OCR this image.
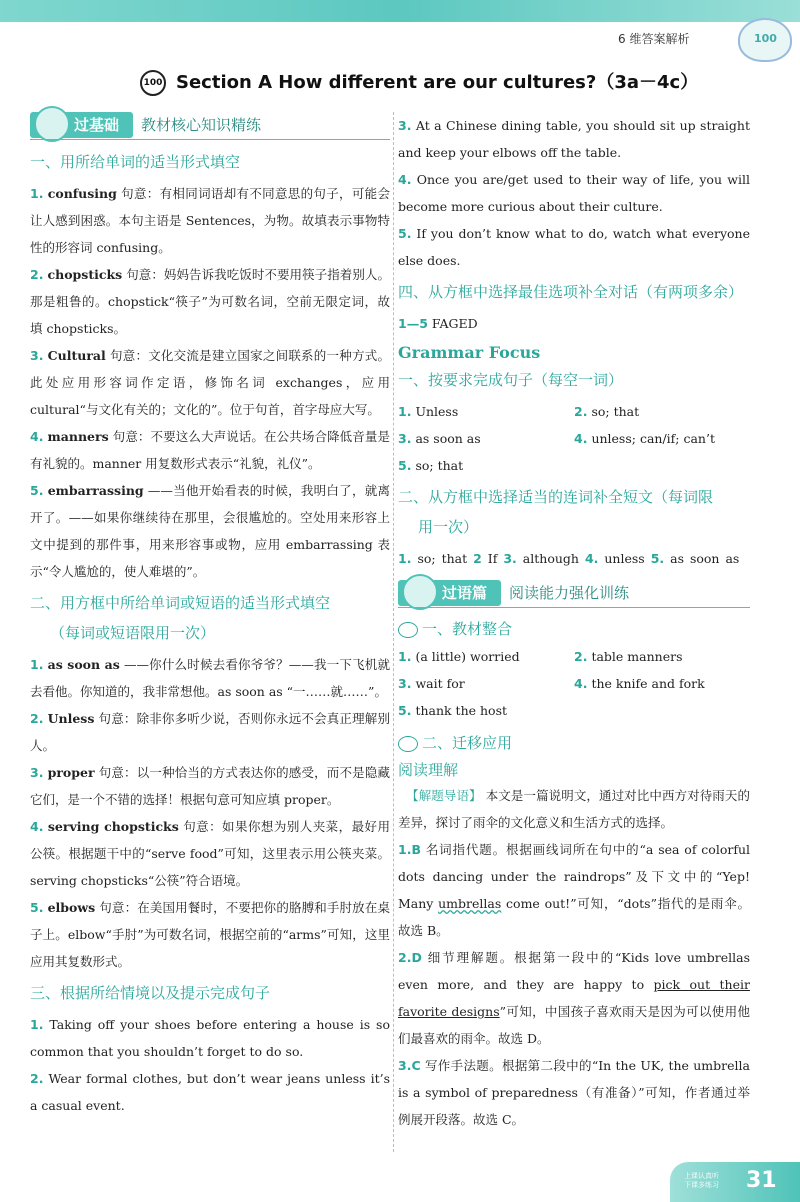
6 维答案解析	100
100 Section A How different are our cultures?（3a－4c）
过基础 教材核心知识精练
一、用所给单词的适当形式填空

1. confusing 句意：有相同词语却有不同意思的句子，可能会让人感到困惑。本句主语是 Sentences，为物。故填表示事物特性的形容词 confusing。

2. chopsticks 句意：妈妈告诉我吃饭时不要用筷子指着别人。那是粗鲁的。chopstick“筷子”为可数名词，空前无限定词，故填 chopsticks。

3. Cultural 句意：文化交流是建立国家之间联系的一种方式。此处应用形容词作定语，修饰名词 exchanges，应用 cultural“与文化有关的；文化的”。位于句首，首字母应大写。

4. manners 句意：不要这么大声说话。在公共场合降低音量是有礼貌的。manner 用复数形式表示“礼貌，礼仪”。

5. embarrassing ——当他开始看表的时候，我明白了，就离开了。——如果你继续待在那里，会很尴尬的。空处用来形容上文中提到的那件事，用来形容事或物，应用 embarrassing 表示“令人尴尬的，使人难堪的”。

二、用方框中所给单词或短语的适当形式填空
（每词或短语限用一次）

1. as soon as ——你什么时候去看你爷爷？——我一下飞机就去看他。你知道的，我非常想他。as soon as “一……就……”。

2. Unless 句意：除非你多听少说，否则你永远不会真正理解别人。

3. proper 句意：以一种恰当的方式表达你的感受，而不是隐藏它们，是一个不错的选择！根据句意可知应填 proper。

4. serving chopsticks 句意：如果你想为别人夹菜，最好用公筷。根据题干中的“serve food”可知，这里表示用公筷夹菜。serving chopsticks“公筷”符合语境。

5. elbows 句意：在美国用餐时，不要把你的胳膊和手肘放在桌子上。elbow“手肘”为可数名词，根据空前的“arms”可知，这里应用其复数形式。

三、根据所给情境以及提示完成句子

1. Taking off your shoes before entering a house is so common that you shouldn’t forget to do so.

2. Wear formal clothes, but don’t wear jeans unless it’s a casual event.

3. At a Chinese dining table, you should sit up straight and keep your elbows off the table.

4. Once you are/get used to their way of life, you will become more curious about their culture.

5. If you don’t know what to do, watch what everyone else does.

四、从方框中选择最佳选项补全对话（有两项多余）

1—5 FAGED

Grammar Focus
一、按要求完成句子（每空一词）
1. Unless	2. so; that
3. as soon as	4. unless; can/if; can’t
5. so; that
二、从方框中选择适当的连词补全短文（每词限
用一次）
1. so; that 2 If 3. although 4. unless 5. as soon as
过语篇 阅读能力强化训练
一、教材整合
1. (a little) worried	2. table manners
3. wait for	4. the knife and fork
5. thank the host
二、迁移应用
阅读理解
【解题导语】 本文是一篇说明文，通过对比中西方对待雨天的差异，探讨了雨伞的文化意义和生活方式的选择。

1.B 名词指代题。根据画线词所在句中的“a sea of colorful dots dancing under the raindrops”及下文中的“Yep! Many umbrellas come out!”可知，“dots”指代的是雨伞。故选 B。

2.D 细节理解题。根据第一段中的“Kids love umbrellas even more, and they are happy to pick out their favorite designs”可知，中国孩子喜欢雨天是因为可以使用他们最喜欢的雨伞。故选 D。

3.C 写作手法题。根据第二段中的“In the UK, the umbrella is a symbol of preparedness（有准备）”可知，作者通过举例展开段落。故选 C。

上课认真听
下课多练习 31
